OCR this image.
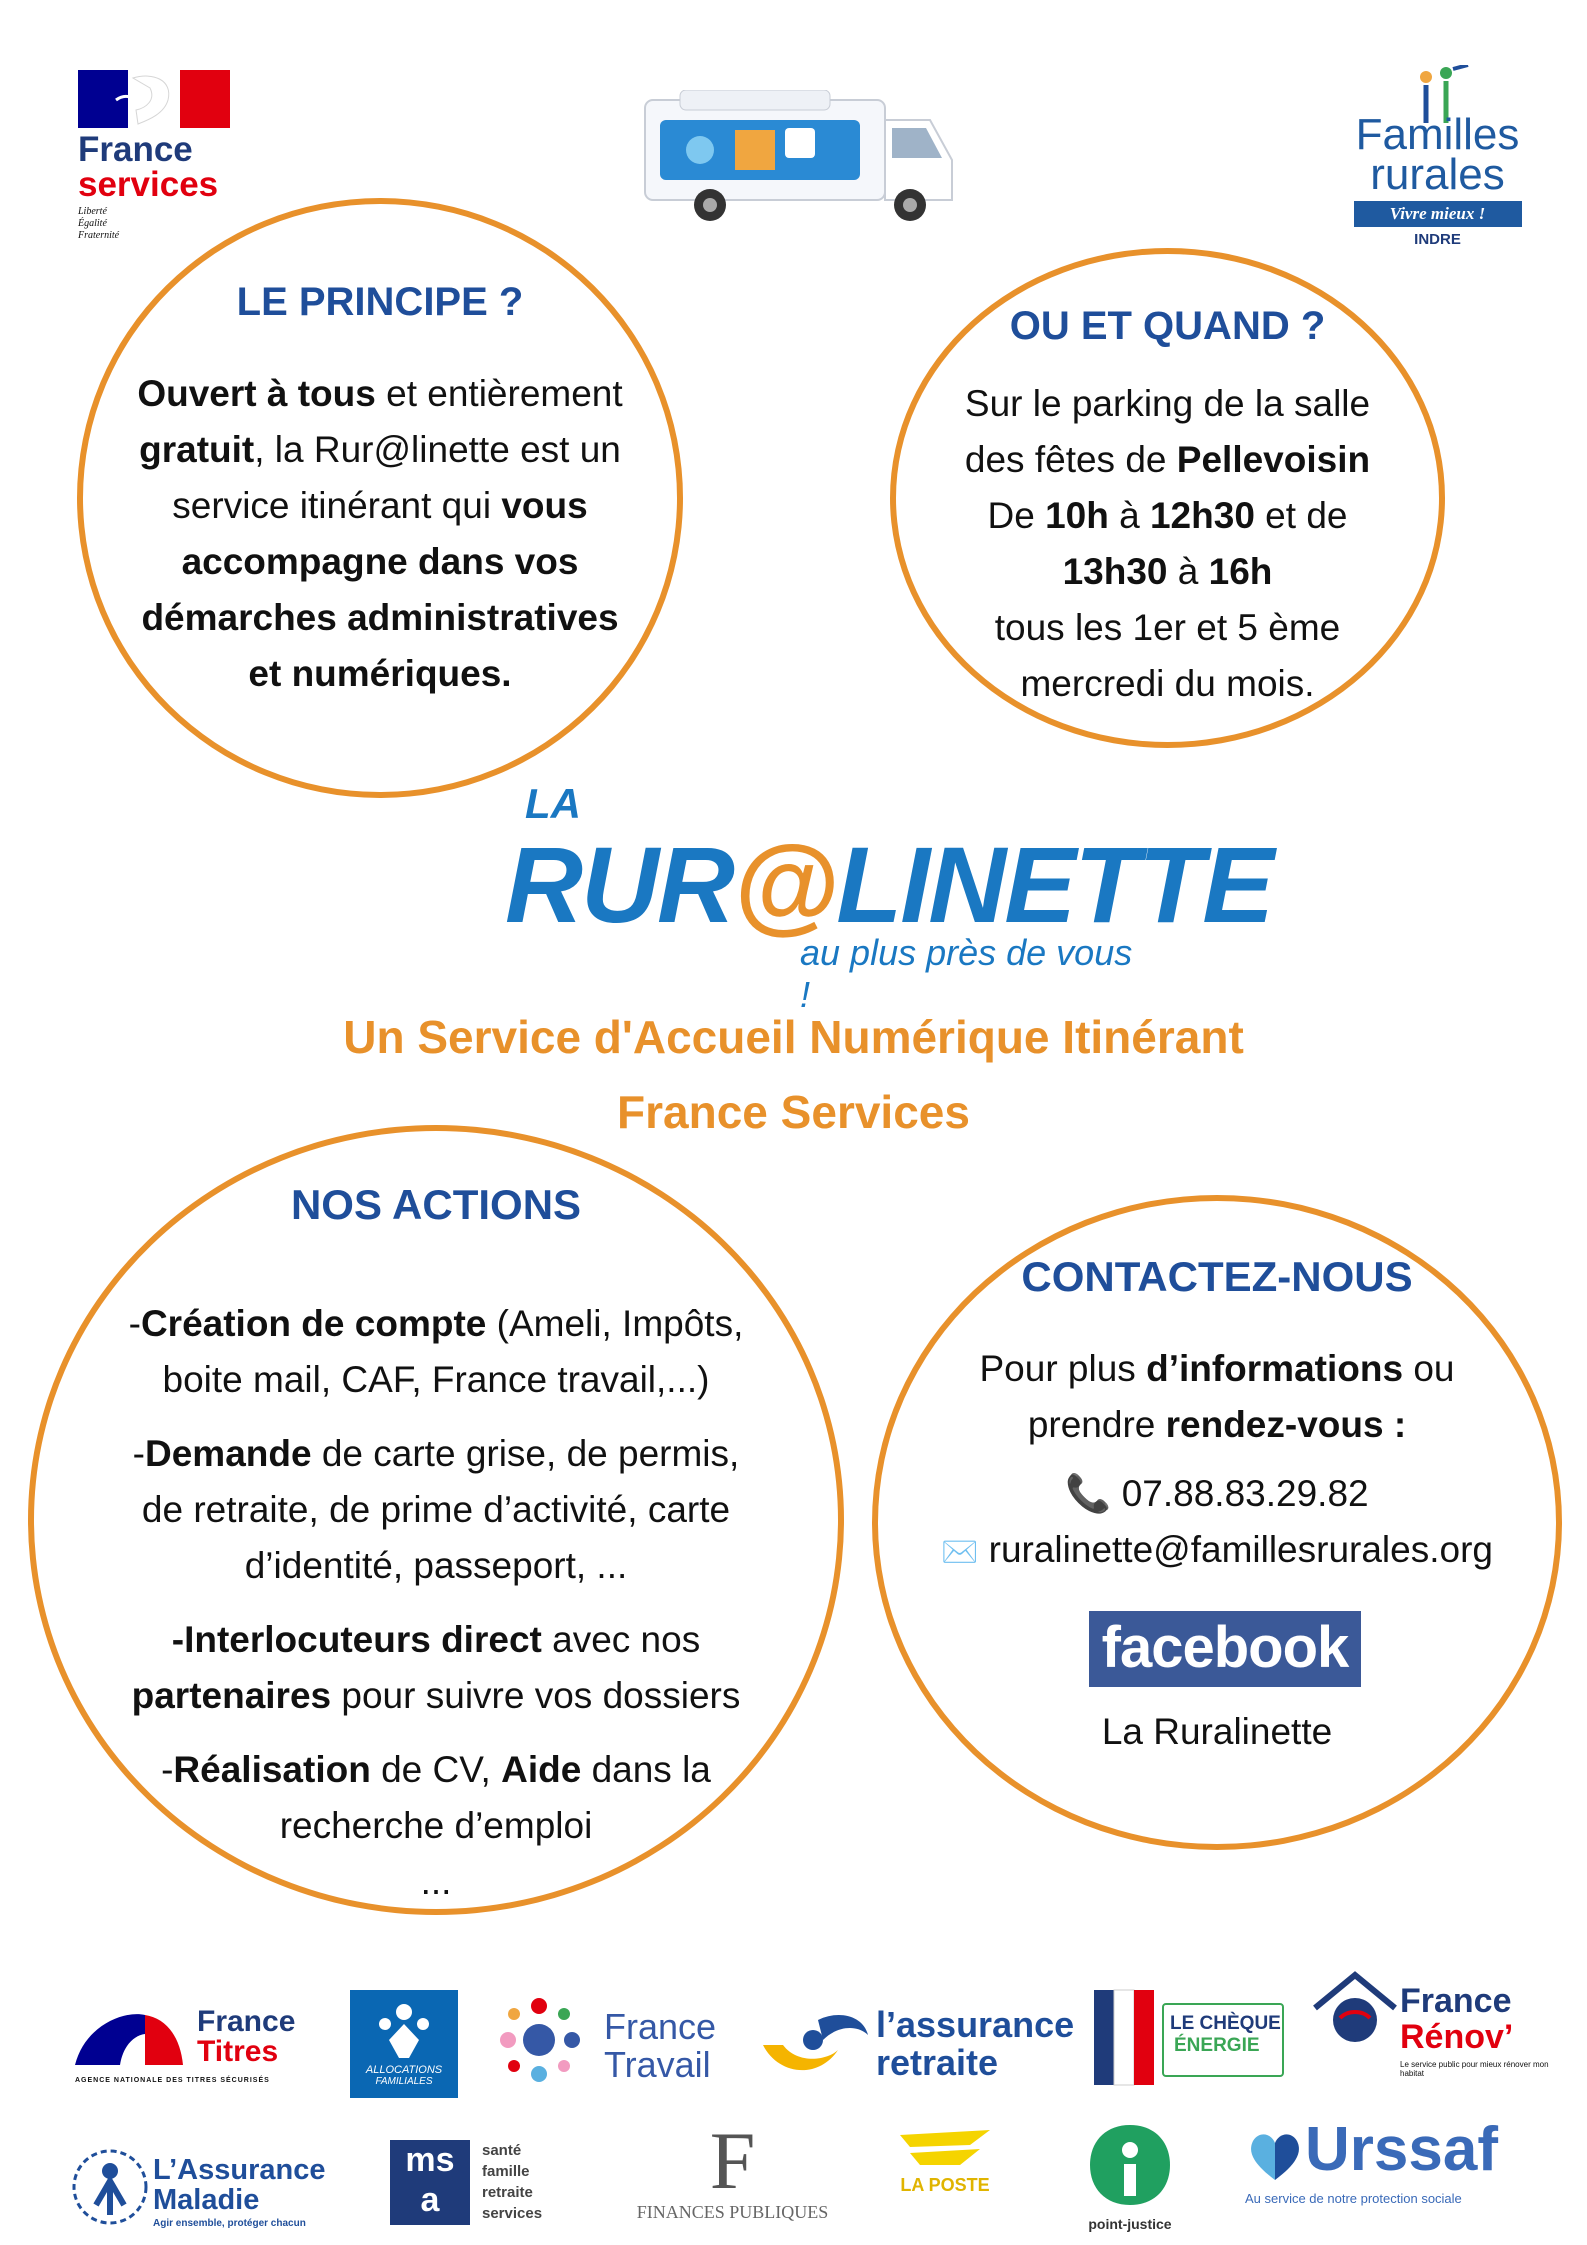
France
services
Liberté
Égalité
Fraternité
Familles
rurales
Vivre mieux !
INDRE
LE PRINCIPE ?
Ouvert à tous et entièrement
gratuit, la Rur@linette est un
service itinérant qui vous
accompagne dans vos
démarches administratives
et numériques.
OU ET QUAND ?
Sur le parking de la salle
des fêtes de Pellevoisin
De 10h à 12h30 et de
13h30 à 16h
tous les 1er et 5 ème
mercredi du mois.
LA
RUR@LINETTE
au plus près de vous !
Un Service d'Accueil Numérique Itinérant
France Services
NOS ACTIONS
-Création de compte (Ameli, Impôts,
boite mail, CAF, France travail,...)
-Demande de carte grise, de permis,
de retraite, de prime d’activité, carte
d’identité, passeport, ...
-Interlocuteurs direct avec nos
partenaires pour suivre vos dossiers
-Réalisation de CV, Aide dans la
recherche d’emploi
...
CONTACTEZ-NOUS
Pour plus d’informations ou
prendre rendez-vous :
📞 07.88.83.29.82
✉️ ruralinette@famillesrurales.org
facebook
La Ruralinette
France
Titres
AGENCE NATIONALE DES TITRES SÉCURISÉS
ALLOCATIONS
FAMILIALES
France
Travail
l’assurance
retraite
LE CHÈQUE
ÉNERGIE
France
Rénov’
Le service public pour mieux rénover mon habitat
L’Assurance
Maladie
Agir ensemble, protéger chacun
ms
a
santé
famille
retraite
services
F
FINANCES PUBLIQUES
LA POSTE
point-justice
Urssaf
Au service de notre protection sociale
